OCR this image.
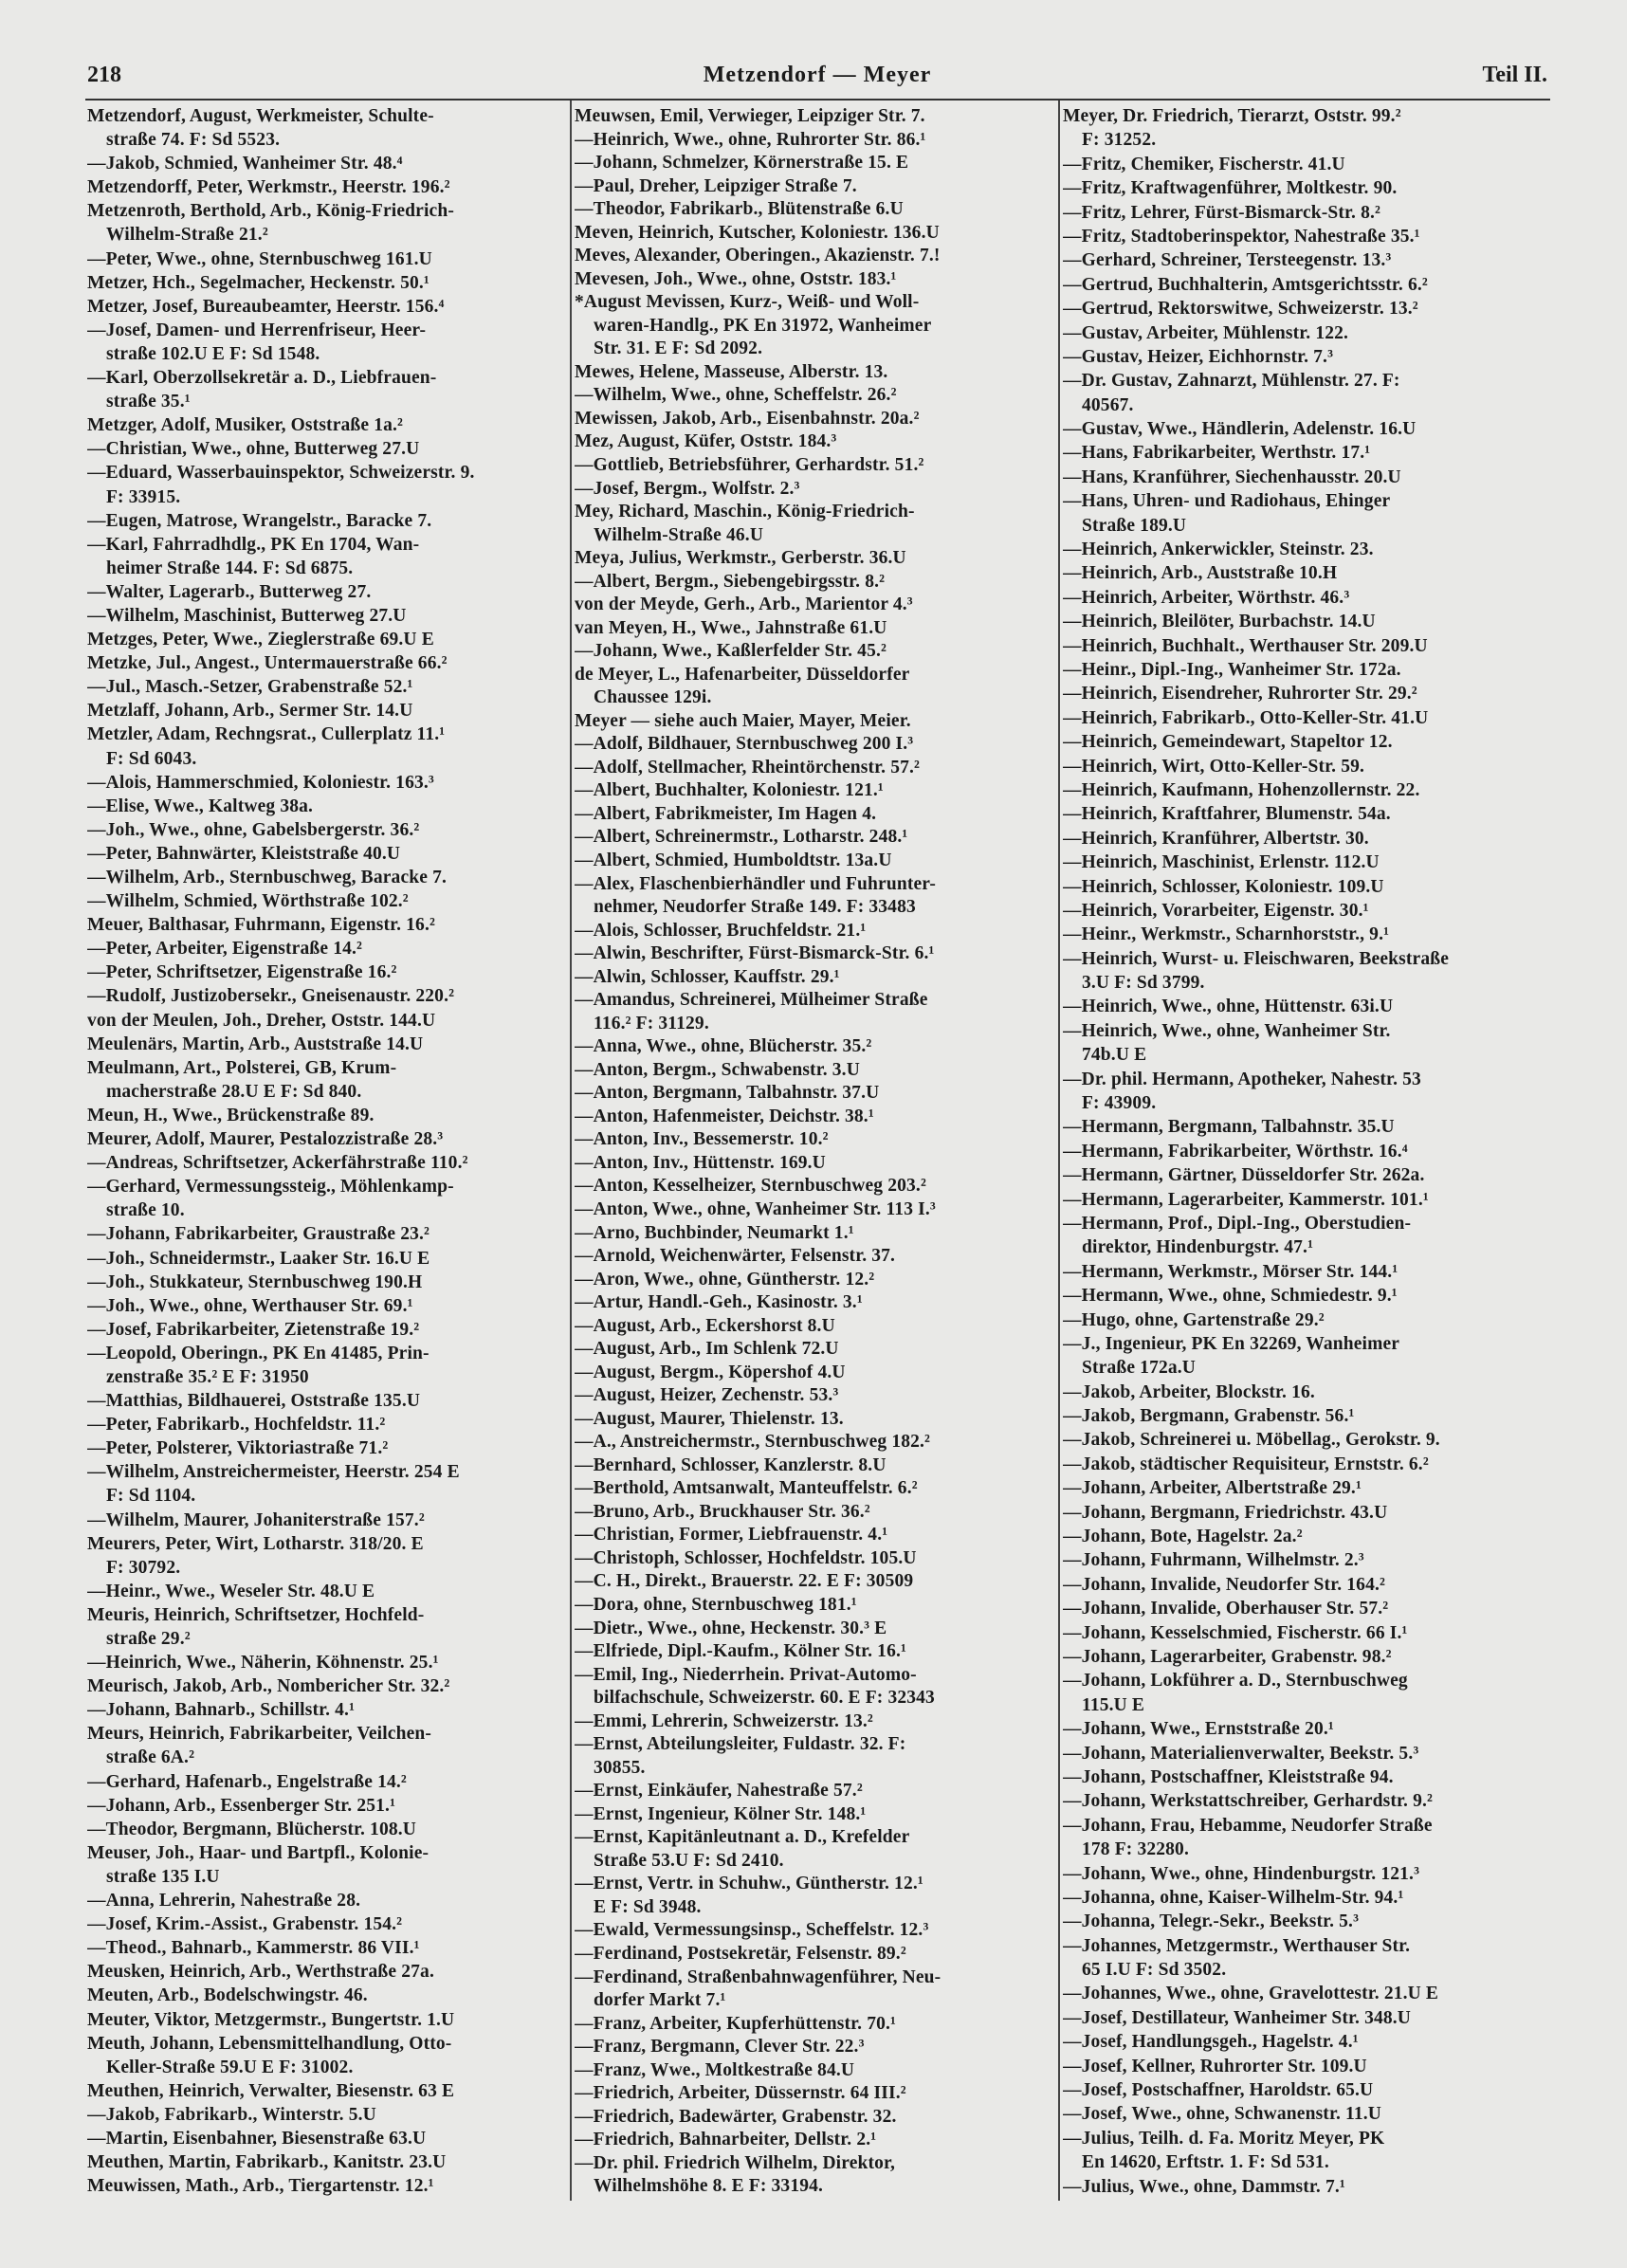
218	Metzendorf — Meyer	Teil II.
Metzendorf, August, Werkmeister, Schulte-
straße 74. F: Sd 5523.
—Jakob, Schmied, Wanheimer Str. 48.⁴
Metzendorff, Peter, Werkmstr., Heerstr. 196.²
Metzenroth, Berthold, Arb., König-Friedrich-
Wilhelm-Straße 21.²
—Peter, Wwe., ohne, Sternbuschweg 161.U
Metzer, Hch., Segelmacher, Heckenstr. 50.¹
Metzer, Josef, Bureaubeamter, Heerstr. 156.⁴
—Josef, Damen- und Herrenfriseur, Heer-
straße 102.U E F: Sd 1548.
—Karl, Oberzollsekretär a. D., Liebfrauen-
straße 35.¹
Metzger, Adolf, Musiker, Oststraße 1a.²
—Christian, Wwe., ohne, Butterweg 27.U
—Eduard, Wasserbauinspektor, Schweizerstr. 9.
F: 33915.
—Eugen, Matrose, Wrangelstr., Baracke 7.
—Karl, Fahrradhdlg., PK En 1704, Wan-
heimer Straße 144. F: Sd 6875.
—Walter, Lagerarb., Butterweg 27.
—Wilhelm, Maschinist, Butterweg 27.U
Metzges, Peter, Wwe., Zieglerstraße 69.U E
Metzke, Jul., Angest., Untermauerstraße 66.²
—Jul., Masch.-Setzer, Grabenstraße 52.¹
Metzlaff, Johann, Arb., Sermer Str. 14.U
Metzler, Adam, Rechngsrat., Cullerplatz 11.¹
F: Sd 6043.
—Alois, Hammerschmied, Koloniestr. 163.³
—Elise, Wwe., Kaltweg 38a.
—Joh., Wwe., ohne, Gabelsbergerstr. 36.²
—Peter, Bahnwärter, Kleiststraße 40.U
—Wilhelm, Arb., Sternbuschweg, Baracke 7.
—Wilhelm, Schmied, Wörthstraße 102.²
Meuer, Balthasar, Fuhrmann, Eigenstr. 16.²
—Peter, Arbeiter, Eigenstraße 14.²
—Peter, Schriftsetzer, Eigenstraße 16.²
—Rudolf, Justizobersekr., Gneisenaustr. 220.²
von der Meulen, Joh., Dreher, Oststr. 144.U
Meulenärs, Martin, Arb., Auststraße 14.U
Meulmann, Art., Polsterei, GB, Krum-
macherstraße 28.U E F: Sd 840.
Meun, H., Wwe., Brückenstraße 89.
Meurer, Adolf, Maurer, Pestalozzistraße 28.³
—Andreas, Schriftsetzer, Ackerfährstraße 110.²
—Gerhard, Vermessungssteig., Möhlenkamp-
straße 10.
—Johann, Fabrikarbeiter, Graustraße 23.²
—Joh., Schneidermstr., Laaker Str. 16.U E
—Joh., Stukkateur, Sternbuschweg 190.H
—Joh., Wwe., ohne, Werthauser Str. 69.¹
—Josef, Fabrikarbeiter, Zietenstraße 19.²
—Leopold, Oberingn., PK En 41485, Prin-
zenstraße 35.² E F: 31950
—Matthias, Bildhauerei, Oststraße 135.U
—Peter, Fabrikarb., Hochfeldstr. 11.²
—Peter, Polsterer, Viktoriastraße 71.²
—Wilhelm, Anstreichermeister, Heerstr. 254 E
F: Sd 1104.
—Wilhelm, Maurer, Johaniterstraße 157.²
Meurers, Peter, Wirt, Lotharstr. 318/20. E
F: 30792.
—Heinr., Wwe., Weseler Str. 48.U E
Meuris, Heinrich, Schriftsetzer, Hochfeld-
straße 29.²
—Heinrich, Wwe., Näherin, Köhnenstr. 25.¹
Meurisch, Jakob, Arb., Nombericher Str. 32.²
—Johann, Bahnarb., Schillstr. 4.¹
Meurs, Heinrich, Fabrikarbeiter, Veilchen-
straße 6A.²
—Gerhard, Hafenarb., Engelstraße 14.²
—Johann, Arb., Essenberger Str. 251.¹
—Theodor, Bergmann, Blücherstr. 108.U
Meuser, Joh., Haar- und Bartpfl., Kolonie-
straße 135 I.U
—Anna, Lehrerin, Nahestraße 28.
—Josef, Krim.-Assist., Grabenstr. 154.²
—Theod., Bahnarb., Kammerstr. 86 VII.¹
Meusken, Heinrich, Arb., Werthstraße 27a.
Meuten, Arb., Bodelschwingstr. 46.
Meuter, Viktor, Metzgermstr., Bungertstr. 1.U
Meuth, Johann, Lebensmittelhandlung, Otto-
Keller-Straße 59.U E F: 31002.
Meuthen, Heinrich, Verwalter, Biesenstr. 63 E
—Jakob, Fabrikarb., Winterstr. 5.U
—Martin, Eisenbahner, Biesenstraße 63.U
Meuthen, Martin, Fabrikarb., Kanitstr. 23.U
Meuwissen, Math., Arb., Tiergartenstr. 12.¹
Meuwsen, Emil, Verwieger, Leipziger Str. 7.
—Heinrich, Wwe., ohne, Ruhrorter Str. 86.¹
—Johann, Schmelzer, Körnerstraße 15. E
—Paul, Dreher, Leipziger Straße 7.
—Theodor, Fabrikarb., Blütenstraße 6.U
Meven, Heinrich, Kutscher, Koloniestr. 136.U
Meves, Alexander, Oberingen., Akazienstr. 7.!
Mevesen, Joh., Wwe., ohne, Oststr. 183.¹
*August Mevissen, Kurz-, Weiß- und Woll-
waren-Handlg., PK En 31972, Wanheimer
Str. 31. E F: Sd 2092.
Mewes, Helene, Masseuse, Alberstr. 13.
—Wilhelm, Wwe., ohne, Scheffelstr. 26.²
Mewissen, Jakob, Arb., Eisenbahnstr. 20a.²
Mez, August, Küfer, Oststr. 184.³
—Gottlieb, Betriebsführer, Gerhardstr. 51.²
—Josef, Bergm., Wolfstr. 2.³
Mey, Richard, Maschin., König-Friedrich-
Wilhelm-Straße 46.U
Meya, Julius, Werkmstr., Gerberstr. 36.U
—Albert, Bergm., Siebengebirgsstr. 8.²
von der Meyde, Gerh., Arb., Marientor 4.³
van Meyen, H., Wwe., Jahnstraße 61.U
—Johann, Wwe., Kaßlerfelder Str. 45.²
de Meyer, L., Hafenarbeiter, Düsseldorfer
Chaussee 129i.
Meyer — siehe auch Maier, Mayer, Meier.
—Adolf, Bildhauer, Sternbuschweg 200 I.³
—Adolf, Stellmacher, Rheintörchenstr. 57.²
—Albert, Buchhalter, Koloniestr. 121.¹
—Albert, Fabrikmeister, Im Hagen 4.
—Albert, Schreinermstr., Lotharstr. 248.¹
—Albert, Schmied, Humboldtstr. 13a.U
—Alex, Flaschenbierhändler und Fuhrunter-
nehmer, Neudorfer Straße 149. F: 33483
—Alois, Schlosser, Bruchfeldstr. 21.¹
—Alwin, Beschrifter, Fürst-Bismarck-Str. 6.¹
—Alwin, Schlosser, Kauffstr. 29.¹
—Amandus, Schreinerei, Mülheimer Straße
116.² F: 31129.
—Anna, Wwe., ohne, Blücherstr. 35.²
—Anton, Bergm., Schwabenstr. 3.U
—Anton, Bergmann, Talbahnstr. 37.U
—Anton, Hafenmeister, Deichstr. 38.¹
—Anton, Inv., Bessemerstr. 10.²
—Anton, Inv., Hüttenstr. 169.U
—Anton, Kesselheizer, Sternbuschweg 203.²
—Anton, Wwe., ohne, Wanheimer Str. 113 I.³
—Arno, Buchbinder, Neumarkt 1.¹
—Arnold, Weichenwärter, Felsenstr. 37.
—Aron, Wwe., ohne, Güntherstr. 12.²
—Artur, Handl.-Geh., Kasinostr. 3.¹
—August, Arb., Eckershorst 8.U
—August, Arb., Im Schlenk 72.U
—August, Bergm., Köpershof 4.U
—August, Heizer, Zechenstr. 53.³
—August, Maurer, Thielenstr. 13.
—A., Anstreichermstr., Sternbuschweg 182.²
—Bernhard, Schlosser, Kanzlerstr. 8.U
—Berthold, Amtsanwalt, Manteuffelstr. 6.²
—Bruno, Arb., Bruckhauser Str. 36.²
—Christian, Former, Liebfrauenstr. 4.¹
—Christoph, Schlosser, Hochfeldstr. 105.U
—C. H., Direkt., Brauerstr. 22. E F: 30509
—Dora, ohne, Sternbuschweg 181.¹
—Dietr., Wwe., ohne, Heckenstr. 30.³ E
—Elfriede, Dipl.-Kaufm., Kölner Str. 16.¹
—Emil, Ing., Niederrhein. Privat-Automo-
bilfachschule, Schweizerstr. 60. E F: 32343
—Emmi, Lehrerin, Schweizerstr. 13.²
—Ernst, Abteilungsleiter, Fuldastr. 32. F:
30855.
—Ernst, Einkäufer, Nahestraße 57.²
—Ernst, Ingenieur, Kölner Str. 148.¹
—Ernst, Kapitänleutnant a. D., Krefelder
Straße 53.U F: Sd 2410.
—Ernst, Vertr. in Schuhw., Güntherstr. 12.¹
E F: Sd 3948.
—Ewald, Vermessungsinsp., Scheffelstr. 12.³
—Ferdinand, Postsekretär, Felsenstr. 89.²
—Ferdinand, Straßenbahnwagenführer, Neu-
dorfer Markt 7.¹
—Franz, Arbeiter, Kupferhüttenstr. 70.¹
—Franz, Bergmann, Clever Str. 22.³
—Franz, Wwe., Moltkestraße 84.U
—Friedrich, Arbeiter, Düssernstr. 64 III.²
—Friedrich, Badewärter, Grabenstr. 32.
—Friedrich, Bahnarbeiter, Dellstr. 2.¹
—Dr. phil. Friedrich Wilhelm, Direktor,
Wilhelmshöhe 8. E F: 33194.
Meyer, Dr. Friedrich, Tierarzt, Oststr. 99.²
F: 31252.
—Fritz, Chemiker, Fischerstr. 41.U
—Fritz, Kraftwagenführer, Moltkestr. 90.
—Fritz, Lehrer, Fürst-Bismarck-Str. 8.²
—Fritz, Stadtoberinspektor, Nahestraße 35.¹
—Gerhard, Schreiner, Tersteegenstr. 13.³
—Gertrud, Buchhalterin, Amtsgerichtsstr. 6.²
—Gertrud, Rektorswitwe, Schweizerstr. 13.²
—Gustav, Arbeiter, Mühlenstr. 122.
—Gustav, Heizer, Eichhornstr. 7.³
—Dr. Gustav, Zahnarzt, Mühlenstr. 27. F:
40567.
—Gustav, Wwe., Händlerin, Adelenstr. 16.U
—Hans, Fabrikarbeiter, Werthstr. 17.¹
—Hans, Kranführer, Siechenhausstr. 20.U
—Hans, Uhren- und Radiohaus, Ehinger
Straße 189.U
—Heinrich, Ankerwickler, Steinstr. 23.
—Heinrich, Arb., Auststraße 10.H
—Heinrich, Arbeiter, Wörthstr. 46.³
—Heinrich, Bleilöter, Burbachstr. 14.U
—Heinrich, Buchhalt., Werthauser Str. 209.U
—Heinr., Dipl.-Ing., Wanheimer Str. 172a.
—Heinrich, Eisendreher, Ruhrorter Str. 29.²
—Heinrich, Fabrikarb., Otto-Keller-Str. 41.U
—Heinrich, Gemeindewart, Stapeltor 12.
—Heinrich, Wirt, Otto-Keller-Str. 59.
—Heinrich, Kaufmann, Hohenzollernstr. 22.
—Heinrich, Kraftfahrer, Blumenstr. 54a.
—Heinrich, Kranführer, Albertstr. 30.
—Heinrich, Maschinist, Erlenstr. 112.U
—Heinrich, Schlosser, Koloniestr. 109.U
—Heinrich, Vorarbeiter, Eigenstr. 30.¹
—Heinr., Werkmstr., Scharnhorststr., 9.¹
—Heinrich, Wurst- u. Fleischwaren, Beekstraße
3.U F: Sd 3799.
—Heinrich, Wwe., ohne, Hüttenstr. 63i.U
—Heinrich, Wwe., ohne, Wanheimer Str.
74b.U E
—Dr. phil. Hermann, Apotheker, Nahestr. 53
F: 43909.
—Hermann, Bergmann, Talbahnstr. 35.U
—Hermann, Fabrikarbeiter, Wörthstr. 16.⁴
—Hermann, Gärtner, Düsseldorfer Str. 262a.
—Hermann, Lagerarbeiter, Kammerstr. 101.¹
—Hermann, Prof., Dipl.-Ing., Oberstudien-
direktor, Hindenburgstr. 47.¹
—Hermann, Werkmstr., Mörser Str. 144.¹
—Hermann, Wwe., ohne, Schmiedestr. 9.¹
—Hugo, ohne, Gartenstraße 29.²
—J., Ingenieur, PK En 32269, Wanheimer
Straße 172a.U
—Jakob, Arbeiter, Blockstr. 16.
—Jakob, Bergmann, Grabenstr. 56.¹
—Jakob, Schreinerei u. Möbellag., Gerokstr. 9.
—Jakob, städtischer Requisiteur, Ernststr. 6.²
—Johann, Arbeiter, Albertstraße 29.¹
—Johann, Bergmann, Friedrichstr. 43.U
—Johann, Bote, Hagelstr. 2a.²
—Johann, Fuhrmann, Wilhelmstr. 2.³
—Johann, Invalide, Neudorfer Str. 164.²
—Johann, Invalide, Oberhauser Str. 57.²
—Johann, Kesselschmied, Fischerstr. 66 I.¹
—Johann, Lagerarbeiter, Grabenstr. 98.²
—Johann, Lokführer a. D., Sternbuschweg
115.U E
—Johann, Wwe., Ernststraße 20.¹
—Johann, Materialienverwalter, Beekstr. 5.³
—Johann, Postschaffner, Kleiststraße 94.
—Johann, Werkstattschreiber, Gerhardstr. 9.²
—Johann, Frau, Hebamme, Neudorfer Straße
178 F: 32280.
—Johann, Wwe., ohne, Hindenburgstr. 121.³
—Johanna, ohne, Kaiser-Wilhelm-Str. 94.¹
—Johanna, Telegr.-Sekr., Beekstr. 5.³
—Johannes, Metzgermstr., Werthauser Str.
65 I.U F: Sd 3502.
—Johannes, Wwe., ohne, Gravelottestr. 21.U E
—Josef, Destillateur, Wanheimer Str. 348.U
—Josef, Handlungsgeh., Hagelstr. 4.¹
—Josef, Kellner, Ruhrorter Str. 109.U
—Josef, Postschaffner, Haroldstr. 65.U
—Josef, Wwe., ohne, Schwanenstr. 11.U
—Julius, Teilh. d. Fa. Moritz Meyer, PK
En 14620, Erftstr. 1. F: Sd 531.
—Julius, Wwe., ohne, Dammstr. 7.¹
